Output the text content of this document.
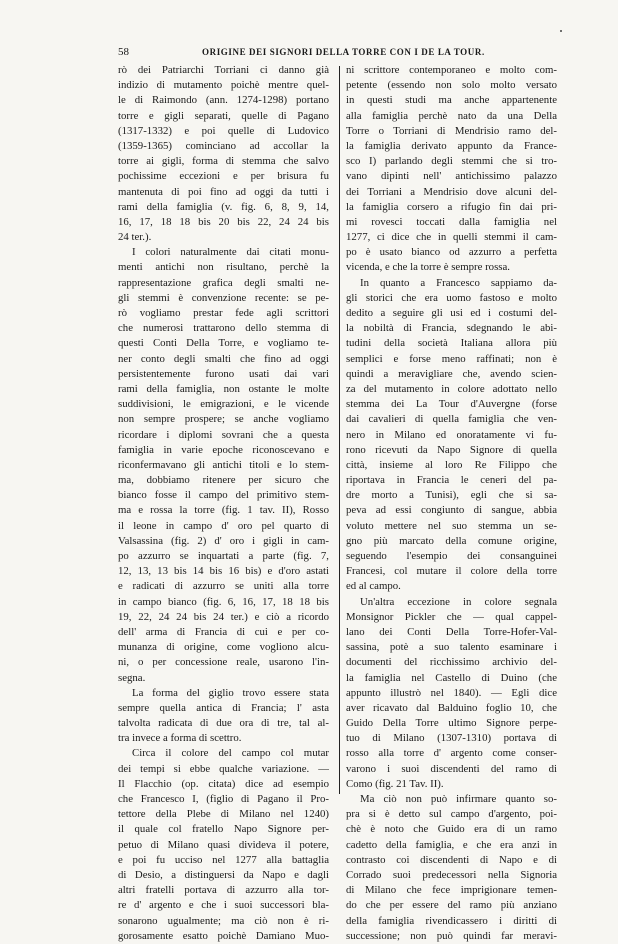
58	ORIGINE DEI SIGNORI DELLA TORRE CON I DE LA TOUR.
rò dei Patriarchi Torriani ci danno già
indizio di mutamento poichè mentre quel-
le di Raimondo (ann. 1274-1298) portano
torre e gigli separati, quelle di Pagano
(1317-1332) e poi quelle di Ludovico
(1359-1365) cominciano ad accollar la
torre ai gigli, forma di stemma che salvo
pochissime eccezioni e per brisura fu
mantenuta di poi fino ad oggi da tutti i
rami della famiglia (v. fig. 6, 8, 9, 14,
16, 17, 18 18 bis 20 bis 22, 24 24 bis
24 ter.).
I colori naturalmente dai citati monu-
menti antichi non risultano, perchè la
rappresentazione grafica degli smalti ne-
gli stemmi è convenzione recente: se pe-
rò vogliamo prestar fede agli scrittori
che numerosi trattarono dello stemma di
questi Conti Della Torre, e vogliamo te-
ner conto degli smalti che fino ad oggi
persistentemente furono usati dai vari
rami della famiglia, non ostante le molte
suddivisioni, le emigrazioni, e le vicende
non sempre prospere; se anche vogliamo
ricordare i diplomi sovrani che a questa
famiglia in varie epoche riconoscevano e
riconfermavano gli antichi titoli e lo stem-
ma, dobbiamo ritenere per sicuro che
bianco fosse il campo del primitivo stem-
ma e rossa la torre (fig. 1 tav. II), Rosso
il leone in campo d' oro pel quarto di
Valsassina (fig. 2) d' oro i gigli in cam-
po azzurro se inquartati a parte (fig. 7,
12, 13, 13 bis 14 bis 16 bis) e d'oro astati
e radicati di azzurro se uniti alla torre
in campo bianco (fig. 6, 16, 17, 18 18 bis
19, 22, 24 24 bis 24 ter.) e ciò a ricordo
dell' arma di Francia di cui e per co-
munanza di origine, come vogliono alcu-
ni, o per concessione reale, usarono l'in-
segna.
La forma del giglio trovo essere stata
sempre quella antica di Francia; l' asta
talvolta radicata di due ora di tre, tal al-
tra invece a forma di scettro.
Circa il colore del campo col mutar
dei tempi si ebbe qualche variazione. —
Il Flacchio (op. citata) dice ad esempio
che Francesco I, (figlio di Pagano il Pro-
tettore della Plebe di Milano nel 1240)
il quale col fratello Napo Signore per-
petuo di Milano quasi divideva il potere,
e poi fu ucciso nel 1277 alla battaglia
di Desio, a distinguersi da Napo e dagli
altri fratelli portava di azzurro alla tor-
re d' argento e che i suoi successori bla-
sonarono ugualmente; ma ciò non è ri-
gorosamente esatto poichè Damiano Muo-
ni scrittore contemporaneo e molto com-
petente (essendo non solo molto versato
in questi studi ma anche appartenente
alla famiglia perchè nato da una Della
Torre o Torriani di Mendrisio ramo del-
la famiglia derivato appunto da France-
sco I) parlando degli stemmi che si tro-
vano dipinti nell' antichissimo palazzo
dei Torriani a Mendrisio dove alcuni del-
la famiglia corsero a rifugio fin dai pri-
mi rovesci toccati dalla famiglia nel
1277, ci dice che in quelli stemmi il cam-
po è usato bianco od azzurro a perfetta
vicenda, e che la torre è sempre rossa.
In quanto a Francesco sappiamo da-
gli storici che era uomo fastoso e molto
dedito a seguire gli usi ed i costumi del-
la nobiltà di Francia, sdegnando le abi-
tudini della società Italiana allora più
semplici e forse meno raffinati; non è
quindi a meravigliare che, avendo scien-
za del mutamento in colore adottato nello
stemma dei La Tour d'Auvergne (forse
dai cavalieri di quella famiglia che ven-
nero in Milano ed onoratamente vi fu-
rono ricevuti da Napo Signore di quella
città, insieme al loro Re Filippo che
riportava in Francia le ceneri del pa-
dre morto a Tunisi), egli che si sa-
peva ad essi congiunto di sangue, abbia
voluto mettere nel suo stemma un se-
gno più marcato della comune origine,
seguendo l'esempio dei consanguinei
Francesi, col mutare il colore della torre
ed al campo.
Un'altra eccezione in colore segnala
Monsignor Pickler che — qual cappel-
lano dei Conti Della Torre-Hofer-Val-
sassina, potè a suo talento esaminare i
documenti del ricchissimo archivio del-
la famiglia nel Castello di Duino (che
appunto illustrò nel 1840). — Egli dice
aver ricavato dal Balduino foglio 10, che
Guido Della Torre ultimo Signore perpe-
tuo di Milano (1307-1310) portava di
rosso alla torre d' argento come conser-
varono i suoi discendenti del ramo di
Como (fig. 21 Tav. II).
Ma ciò non può infirmare quanto so-
pra si è detto sul campo d'argento, poi-
chè è noto che Guido era di un ramo
cadetto della famiglia, e che era anzi in
contrasto coi discendenti di Napo e di
Corrado suoi predecessori nella Signoria
di Milano che fece imprigionare temen-
do che per essere del ramo più anziano
della famiglia rivendicassero i diritti di
successione; non può quindi far meravi-
